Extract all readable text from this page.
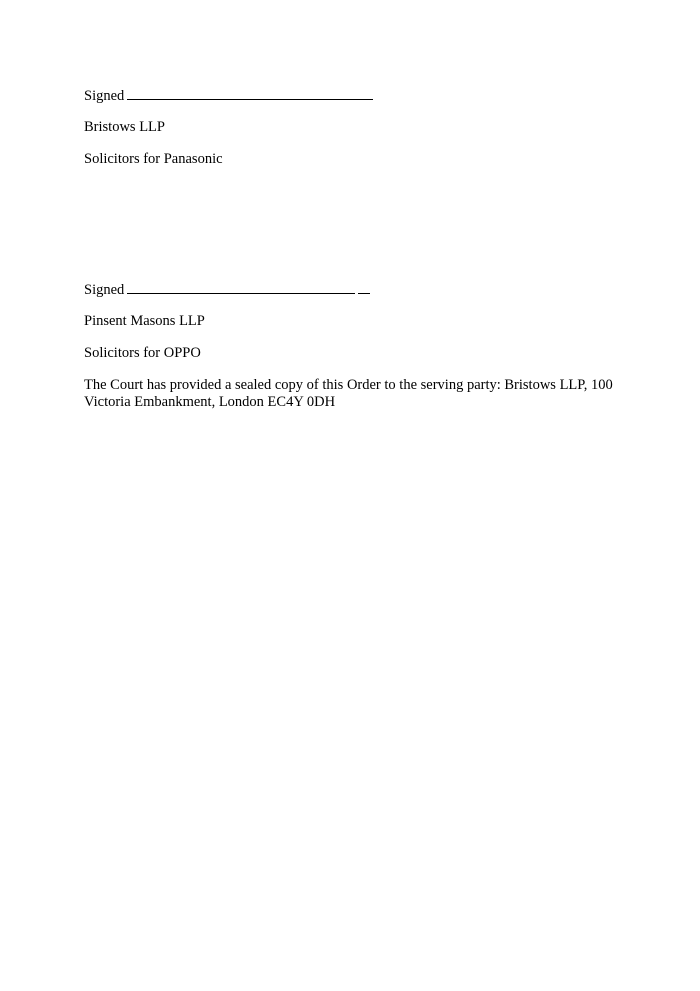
Signed
Bristows LLP
Solicitors for Panasonic
Signed
Pinsent Masons LLP
Solicitors for OPPO
The Court has provided a sealed copy of this Order to the serving party: Bristows LLP, 100
Victoria Embankment, London EC4Y 0DH
